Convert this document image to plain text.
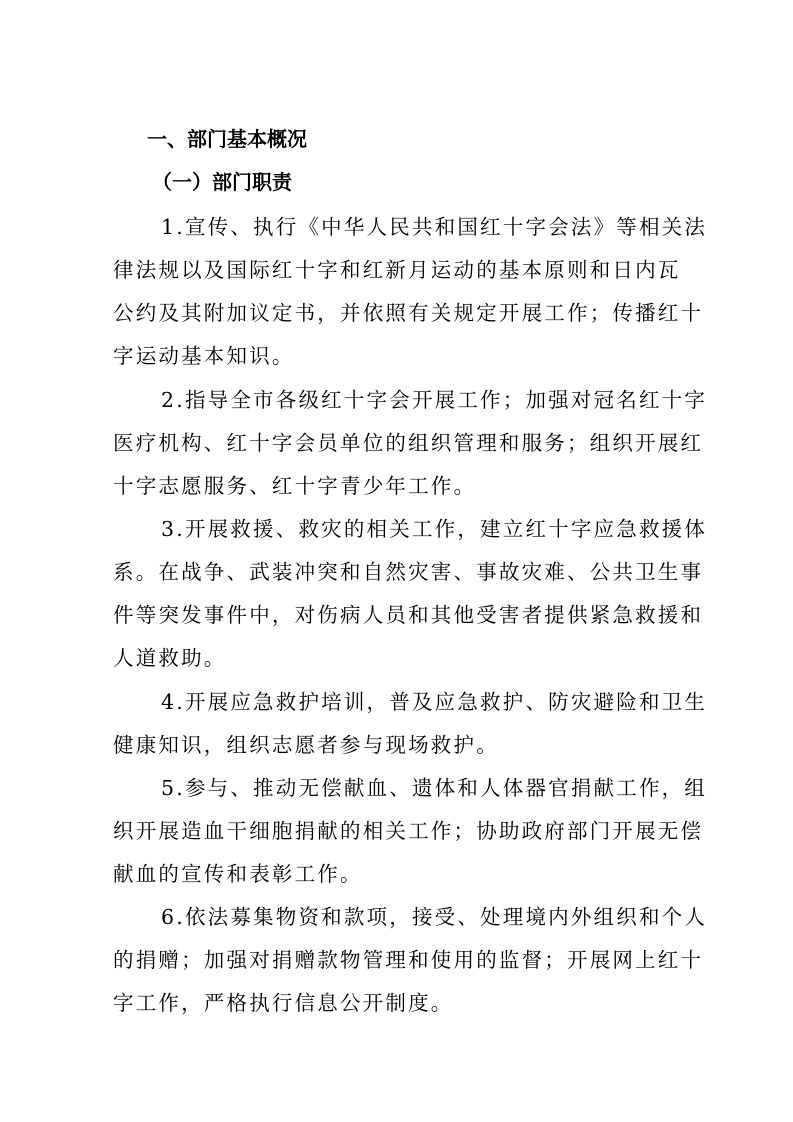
一、部门基本概况
（一）部门职责
1.宣传、执行《中华人民共和国红十字会法》等相关法
律法规以及国际红十字和红新月运动的基本原则和日内瓦
公约及其附加议定书，并依照有关规定开展工作；传播红十
字运动基本知识。
2.指导全市各级红十字会开展工作；加强对冠名红十字
医疗机构、红十字会员单位的组织管理和服务；组织开展红
十字志愿服务、红十字青少年工作。
3.开展救援、救灾的相关工作，建立红十字应急救援体
系。在战争、武装冲突和自然灾害、事故灾难、公共卫生事
件等突发事件中，对伤病人员和其他受害者提供紧急救援和
人道救助。
4.开展应急救护培训，普及应急救护、防灾避险和卫生
健康知识，组织志愿者参与现场救护。
5.参与、推动无偿献血、遗体和人体器官捐献工作，组
织开展造血干细胞捐献的相关工作；协助政府部门开展无偿
献血的宣传和表彰工作。
6.依法募集物资和款项，接受、处理境内外组织和个人
的捐赠；加强对捐赠款物管理和使用的监督；开展网上红十
字工作，严格执行信息公开制度。
